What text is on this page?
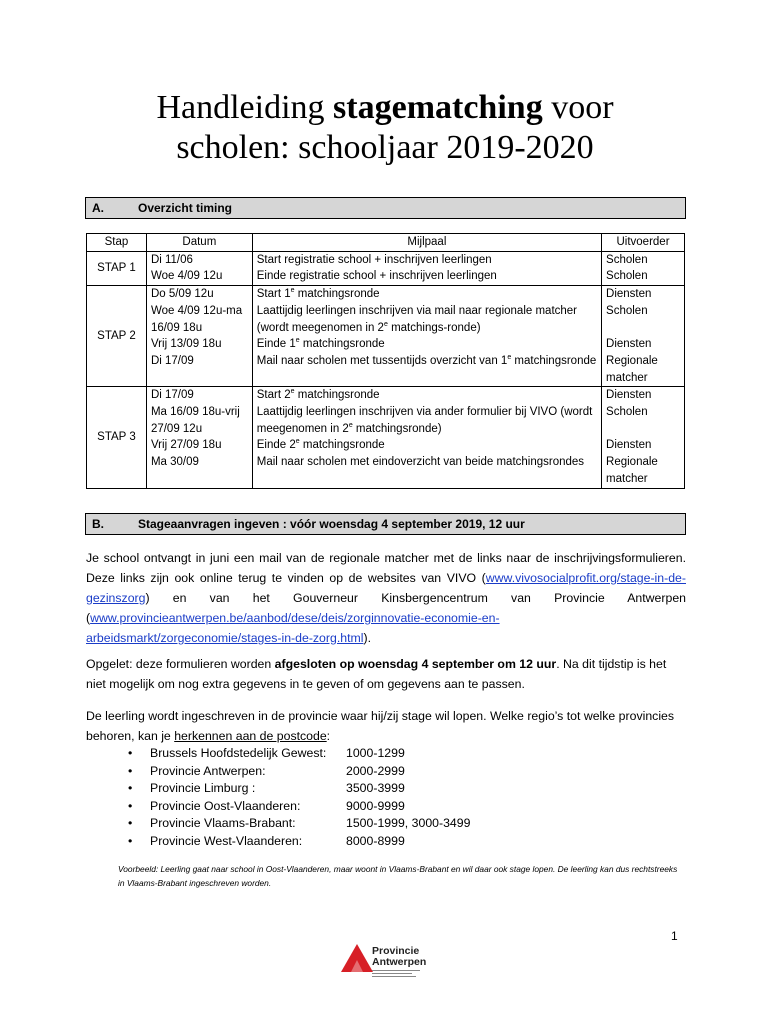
Handleiding stagematching voor
scholen: schooljaar 2019-2020
A.	Overzicht timing
Stap	Datum	Mijlpaal	Uitvoerder
STAP 1	Di 11/06	Start registratie school + inschrijven leerlingen	Scholen
	Woe 4/09 12u	Einde registratie school + inschrijven leerlingen	Scholen
STAP 2	Do 5/09 12u	Start 1e matchingsronde	Diensten
	Woe 4/09 12u-ma 16/09 18u	Laattijdig leerlingen inschrijven via mail naar regionale matcher (wordt meegenomen in 2e matchings-ronde)	Scholen
	Vrij 13/09 18u	Einde 1e matchingsronde	Diensten
	Di 17/09	Mail naar scholen met tussentijds overzicht van 1e matchingsronde	Regionale matcher
STAP 3	Di 17/09	Start 2e matchingsronde	Diensten
	Ma 16/09 18u-vrij 27/09 12u	Laattijdig leerlingen inschrijven via ander formulier bij VIVO (wordt meegenomen in 2e matchingsronde)	Scholen
	Vrij 27/09 18u	Einde 2e matchingsronde	Diensten
	Ma 30/09	Mail naar scholen met eindoverzicht van beide matchingsrondes	Regionale matcher
B.	Stageaanvragen ingeven : vóór woensdag 4 september 2019, 12 uur

Je school ontvangt in juni een mail van de regionale matcher met de links naar de inschrijvingsformulieren. Deze links zijn ook online terug te vinden op de websites van VIVO (www.vivosocialprofit.org/stage-in-de-gezinszorg) en van het Gouverneur Kinsbergencentrum van Provincie Antwerpen (www.provincieantwerpen.be/aanbod/dese/deis/zorginnovatie-economie-en-arbeidsmarkt/zorgeconomie/stages-in-de-zorg.html).

Opgelet: deze formulieren worden afgesloten op woensdag 4 september om 12 uur. Na dit tijdstip is het niet mogelijk om nog extra gegevens in te geven of om gegevens aan te passen.

De leerling wordt ingeschreven in de provincie waar hij/zij stage wil lopen. Welke regio’s tot welke provincies behoren, kan je herkennen aan de postcode:

• Brussels Hoofdstedelijk Gewest:	1000-1299
• Provincie Antwerpen:	2000-2999
• Provincie Limburg :	3500-3999
• Provincie Oost-Vlaanderen:	9000-9999
• Provincie Vlaams-Brabant:	1500-1999, 3000-3499
• Provincie West-Vlaanderen:	8000-8999

Voorbeeld: Leerling gaat naar school in Oost-Vlaanderen, maar woont in Vlaams-Brabant en wil daar ook stage lopen. De leerling kan dus rechtstreeks in Vlaams-Brabant ingeschreven worden.

1
Provincie
Antwerpen
